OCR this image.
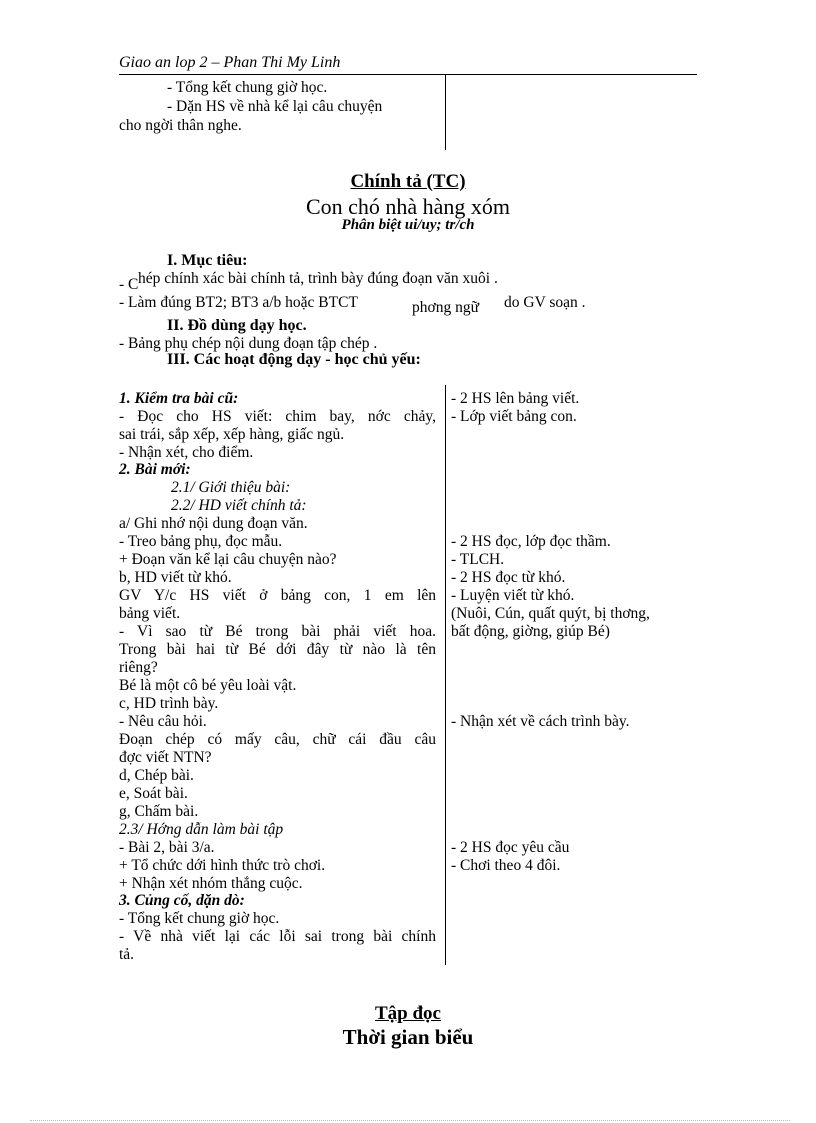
Giao an lop 2 – Phan Thi My Linh
- Tổng kết chung giờ học.
- Dặn HS về nhà kể lại câu chuyện
cho ngời thân nghe.
Chính tả (TC)
Con chó nhà hàng xóm
Phân biệt ui/uy; tr/ch
I. Mục tiêu:
- C hép chính xác bài chính tả, trình bày đúng đoạn văn xuôi .
- Làm đúng BT2; BT3 a/b hoặc BTCT	phơng ngữ do GV soạn .
II. Đồ dùng dạy học.
- Bảng phụ chép nội dung đoạn tập chép .
III. Các hoạt động dạy - học chủ yếu:
1. Kiểm tra bài cũ:
- Đọc cho HS viết: chim bay, nớc chảy,
sai trái, sắp xếp, xếp hàng, giấc ngủ.
- Nhận xét, cho điểm.
2. Bài mới:
2.1/ Giới thiệu bài:
2.2/ HD viết chính tả:
a/ Ghi nhớ nội dung đoạn văn.
- Treo bảng phụ, đọc mẫu.
+ Đoạn văn kể lại câu chuyện nào?
b, HD viết từ khó.
GV Y/c HS viết ở bảng con, 1 em lên
bảng viết.
- Vì sao từ Bé trong bài phải viết hoa.
Trong bài hai từ Bé dới đây từ nào là tên
riêng?
Bé là một cô bé yêu loài vật.
c, HD trình bày.
- Nêu câu hỏi.
Đoạn chép có mấy câu, chữ cái đầu câu
đợc viết NTN?
d, Chép bài.
e, Soát bài.
g, Chấm bài.
2.3/ Hớng dẫn làm bài tập
- Bài 2, bài 3/a.
+ Tổ chức dới hình thức trò chơi.
+ Nhận xét nhóm thắng cuộc.
3. Củng cố, dặn dò:
- Tổng kết chung giờ học.
- Về nhà viết lại các lỗi sai trong bài chính
tả.
- 2 HS lên bảng viết.
- Lớp viết bảng con.
- 2 HS đọc, lớp đọc thầm.
- TLCH.
- 2 HS đọc từ khó.
- Luyện viết từ khó.
(Nuôi, Cún, quất quýt, bị thơng,
bất động, giờng, giúp Bé)
- Nhận xét về cách trình bày.
- 2 HS đọc yêu cầu
- Chơi theo 4 đôi.
Tập đọc
Thời gian biểu
